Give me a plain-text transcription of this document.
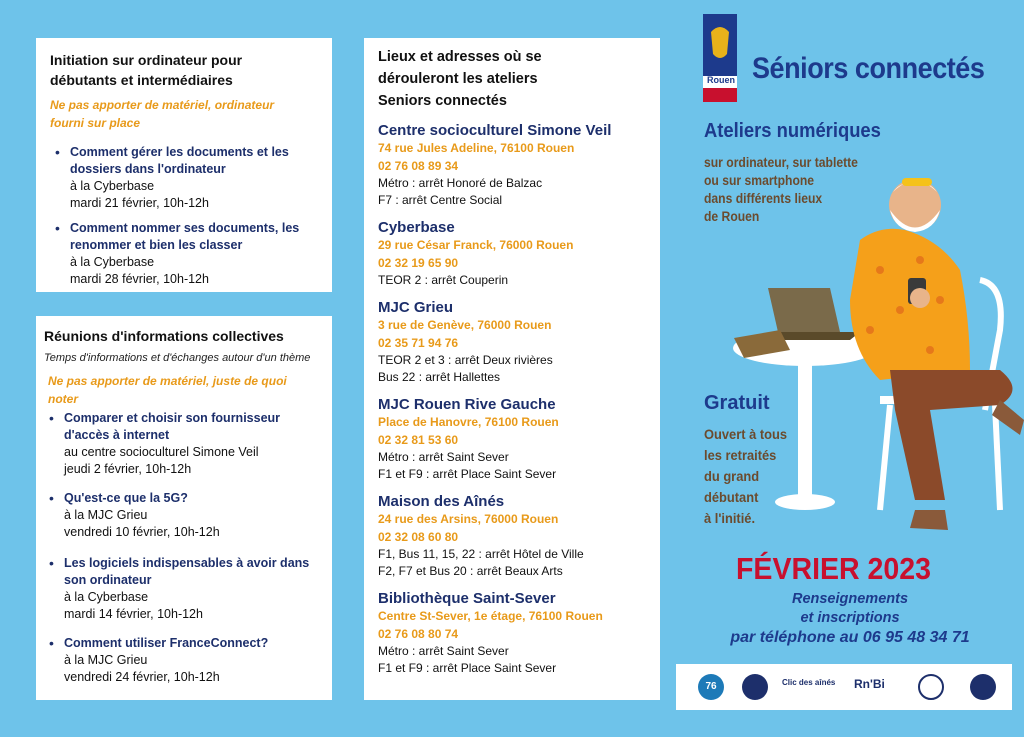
Initiation sur ordinateur pour
débutants et intermédiaires
Ne pas apporter de matériel, ordinateur
fourni sur place
• Comment gérer les documents et les
dossiers dans l'ordinateur
à la Cyberbase
mardi 21 février, 10h-12h
• Comment nommer ses documents, les
renommer et bien les classer
à la Cyberbase
mardi 28 février, 10h-12h
Réunions d'informations collectives
Temps d'informations et d'échanges autour d'un thème
Ne pas apporter de matériel, juste de quoi
noter
• Comparer et choisir son fournisseur
d'accès à internet
au centre socioculturel Simone Veil
jeudi 2 février, 10h-12h
• Qu'est-ce que la 5G?
à la MJC Grieu
vendredi 10 février, 10h-12h
• Les logiciels indispensables à avoir dans
son ordinateur
à la Cyberbase
mardi 14 février, 10h-12h
• Comment utiliser FranceConnect?
à la MJC Grieu
vendredi 24 février, 10h-12h
Lieux et adresses où se
dérouleront les ateliers
Seniors connectés
Centre socioculturel Simone Veil
74 rue Jules Adeline, 76100 Rouen
02 76 08 89 34
Métro : arrêt Honoré de Balzac
F7 : arrêt Centre Social
Cyberbase
29 rue César Franck, 76000 Rouen
02 32 19 65 90
TEOR 2 : arrêt Couperin
MJC Grieu
3 rue de Genève, 76000 Rouen
02 35 71 94 76
TEOR 2 et 3 : arrêt Deux rivières
Bus 22 : arrêt Hallettes
MJC Rouen Rive Gauche
Place de Hanovre, 76100 Rouen
02 32 81 53 60
Métro : arrêt Saint Sever
F1 et F9 : arrêt Place Saint Sever
Maison des Aînés
24 rue des Arsins, 76000 Rouen
02 32 08 60 80
F1, Bus 11, 15, 22 : arrêt Hôtel de Ville
F2, F7 et Bus 20 : arrêt Beaux Arts
Bibliothèque Saint-Sever
Centre St-Sever, 1e étage, 76100 Rouen
02 76 08 80 74
Métro : arrêt Saint Sever
F1 et F9 : arrêt Place Saint Sever
Rouen Séniors connectés
Ateliers numériques
sur ordinateur, sur tablette
ou sur smartphone
dans différents lieux
de Rouen
Gratuit
Ouvert à tous
les retraités
du grand
débutant
à l'initié.
FÉVRIER 2023
Renseignements
et inscriptions
par téléphone au 06 95 48 34 71
76	Clic des aînés Rn'Bi
